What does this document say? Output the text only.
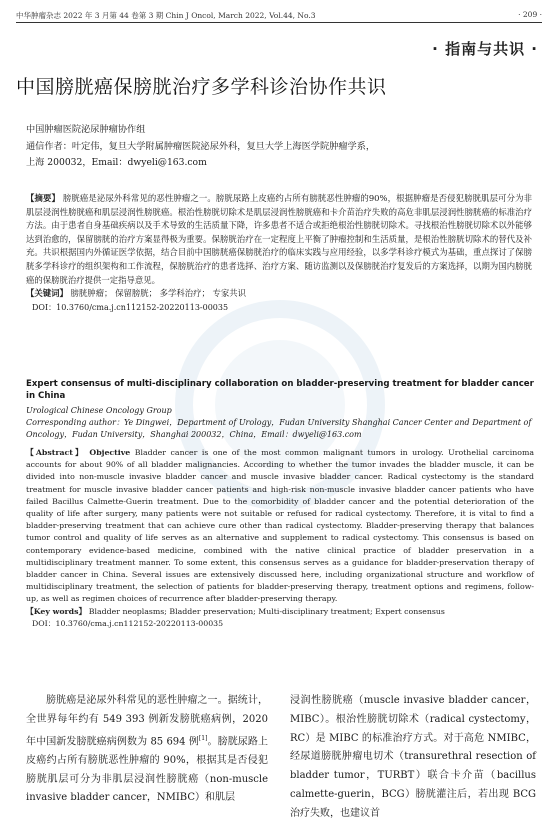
中华肿瘤杂志 2022 年 3 月第 44 卷第 3 期 Chin J Oncol, March 2022, Vol.44, No.3	· 209 ·
· 指南与共识 ·
中国膀胱癌保膀胱治疗多学科诊治协作共识
中国肿瘤医院泌尿肿瘤协作组
通信作者：叶定伟，复旦大学附属肿瘤医院泌尿外科，复旦大学上海医学院肿瘤学系，
上海 200032，Email：dwyeli@163.com
【摘要】 膀胱癌是泌尿外科常见的恶性肿瘤之一。膀胱尿路上皮癌约占所有膀胱恶性肿瘤的90%，根据肿瘤是否侵犯膀胱肌层可分为非肌层浸润性膀胱癌和肌层浸润性膀胱癌。根治性膀胱切除术是肌层浸润性膀胱癌和卡介苗治疗失败的高危非肌层浸润性膀胱癌的标准治疗方法。由于患者自身基础疾病以及手术导致的生活质量下降，许多患者不适合或拒绝根治性膀胱切除术。寻找根治性膀胱切除术以外能够达到治愈的，保留膀胱的治疗方案显得极为重要。保膀胱治疗在一定程度上平衡了肿瘤控制和生活质量，是根治性膀胱切除术的替代及补充。共识根据国内外循证医学依据，结合目前中国膀胱癌保膀胱治疗的临床实践与应用经验，以多学科诊疗模式为基础，重点探讨了保膀胱多学科诊疗的组织架构和工作流程，保膀胱治疗的患者选择、治疗方案、随访监测以及保膀胱治疗复发后的方案选择，以期为国内膀胱癌的保膀胱治疗提供一定指导意见。
【关键词】 膀胱肿瘤； 保留膀胱； 多学科治疗； 专家共识
DOI：10.3760/cma.j.cn112152-20220113-00035
Expert consensus of multi-disciplinary collaboration on bladder-preserving treatment for bladder cancer in China
Urological Chinese Oncology Group
Corresponding author：Ye Dingwei，Department of Urology，Fudan University Shanghai Cancer Center and Department of Oncology，Fudan University，Shanghai 200032，China，Email：dwyeli@163.com
【Abstract】 Objective Bladder cancer is one of the most common malignant tumors in urology. Urothelial carcinoma accounts for about 90% of all bladder malignancies. According to whether the tumor invades the bladder muscle, it can be divided into non-muscle invasive bladder cancer and muscle invasive bladder cancer. Radical cystectomy is the standard treatment for muscle invasive bladder cancer patients and high-risk non-muscle invasive bladder cancer patients who have failed Bacillus Calmette-Guerin treatment. Due to the comorbidity of bladder cancer and the potential deterioration of the quality of life after surgery, many patients were not suitable or refused for radical cystectomy. Therefore, it is vital to find a bladder-preserving treatment that can achieve cure other than radical cystectomy. Bladder-preserving therapy that balances tumor control and quality of life serves as an alternative and supplement to radical cystectomy. This consensus is based on contemporary evidence-based medicine, combined with the native clinical practice of bladder preservation in a multidisciplinary treatment manner. To some extent, this consensus serves as a guidance for bladder-preservation therapy of bladder cancer in China. Several issues are extensively discussed here, including organizational structure and workflow of multidisciplinary treatment, the selection of patients for bladder-preserving therapy, treatment options and regimens, follow-up, as well as regimen choices of recurrence after bladder-preserving therapy.
【Key words】 Bladder neoplasms; Bladder preservation; Multi-disciplinary treatment; Expert consensus
DOI：10.3760/cma.j.cn112152-20220113-00035
膀胱癌是泌尿外科常见的恶性肿瘤之一。据统计，全世界每年约有 549 393 例新发膀胱癌病例，2020 年中国新发膀胱癌病例数为 85 694 例[1]。膀胱尿路上皮癌约占所有膀胱恶性肿瘤的 90%，根据其是否侵犯膀胱肌层可分为非肌层浸润性膀胱癌（non-muscle invasive bladder cancer，NMIBC）和肌层
浸润性膀胱癌（muscle invasive bladder cancer，MIBC）。根治性膀胱切除术（radical cystectomy，RC）是 MIBC 的标准治疗方式。对于高危 NMIBC，经尿道膀胱肿瘤电切术（transurethral resection of bladder tumor，TURBT）联合卡介苗（bacillus calmette-guerin，BCG）膀胱灌注后，若出现 BCG 治疗失败，也建议首
